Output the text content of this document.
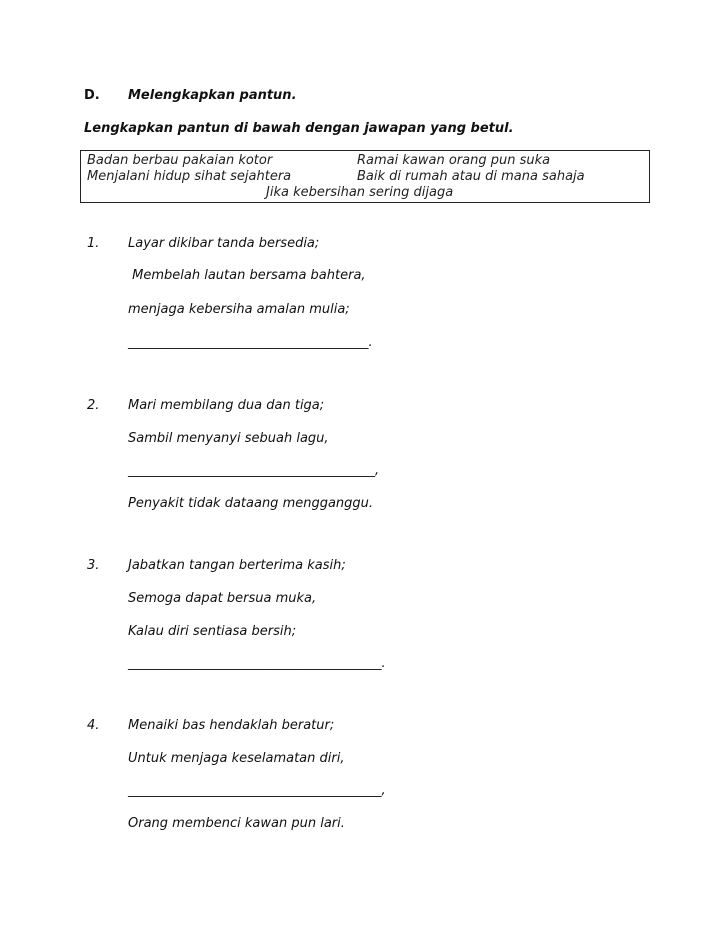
D. Melengkapkan pantun.
Lengkapkan pantun di bawah dengan jawapan yang betul.
Badan berbau pakaian kotor	Ramai kawan orang pun suka
Menjalani hidup sihat sejahtera	Baik di rumah atau di mana sahaja
Jika kebersihan sering dijaga
1. Layar dikibar tanda bersedia;
Membelah lautan bersama bahtera,
menjaga kebersiha amalan mulia;
_____________________________________.
2. Mari membilang dua dan tiga;
Sambil menyanyi sebuah lagu,
______________________________________,
Penyakit tidak dataang mengganggu.
3. Jabatkan tangan berterima kasih;
Semoga dapat bersua muka,
Kalau diri sentiasa bersih;
_______________________________________.
4. Menaiki bas hendaklah beratur;
Untuk menjaga keselamatan diri,
_______________________________________,
Orang membenci kawan pun lari.
